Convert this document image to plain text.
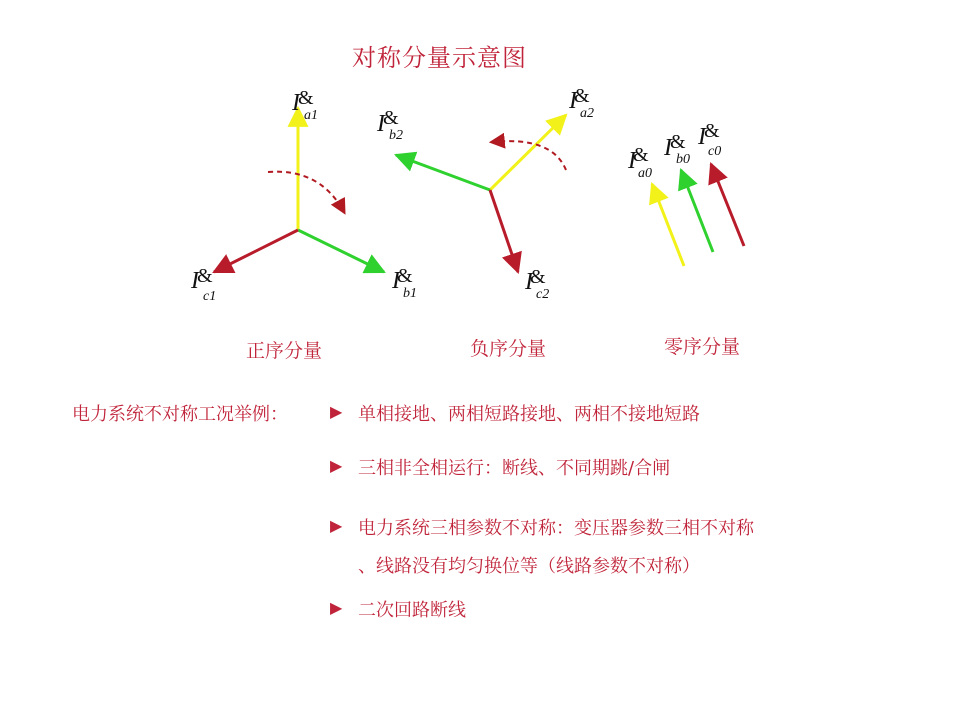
I
&
a1
I
&
b1
I
&
c1
I
&
a2
I
&
b2
I
&
c2
I
&
a0
I
&
b0
I
&
c0
对称分量示意图
正序分量	负序分量	零序分量
电力系统不对称工况举例：	▶ 单相接地、两相短路接地、两相不接地短路
▶ 三相非全相运行：断线、不同期跳/合闸
▶ 电力系统三相参数不对称：变压器参数三相不对称
、线路没有均匀换位等（线路参数不对称）
▶ 二次回路断线
